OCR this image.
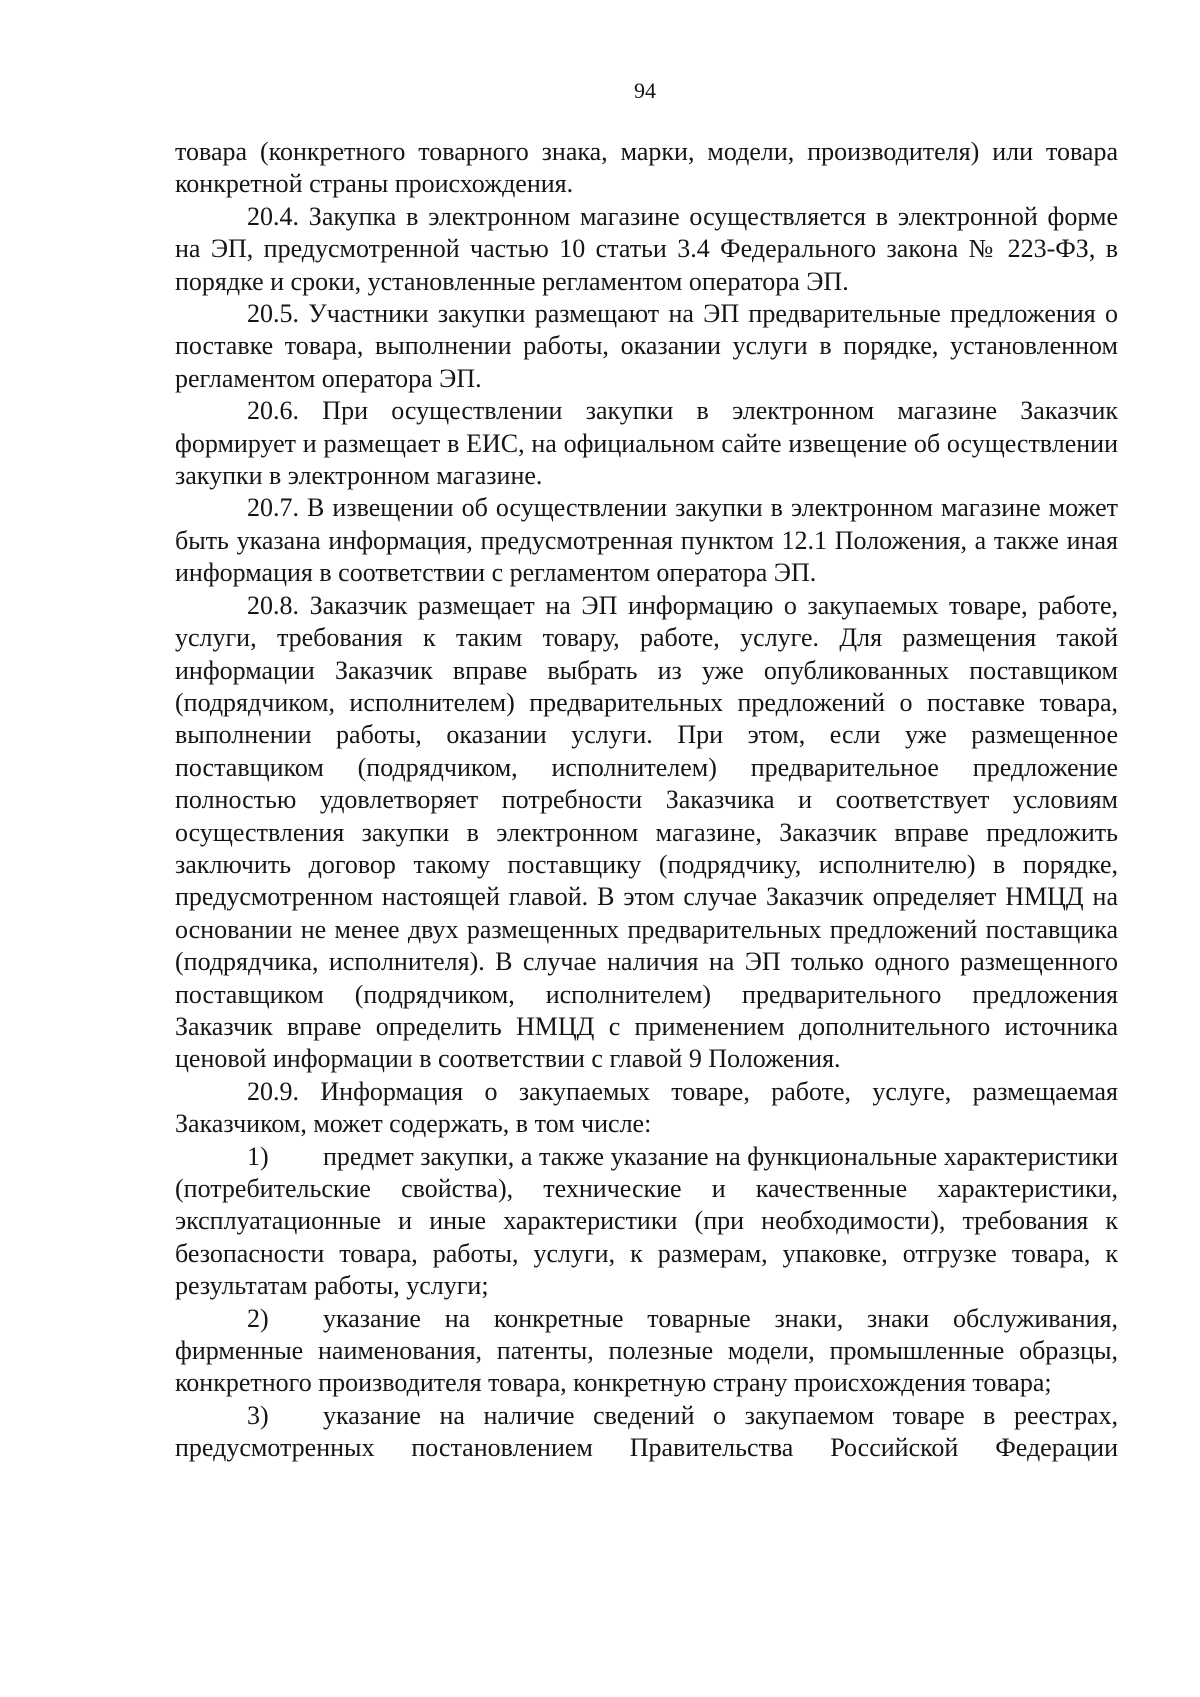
94

товара (конкретного товарного знака, марки, модели, производителя) или товара конкретной страны происхождения.

20.4. Закупка в электронном магазине осуществляется в электронной форме на ЭП, предусмотренной частью 10 статьи 3.4 Федерального закона № 223-ФЗ, в порядке и сроки, установленные регламентом оператора ЭП.

20.5. Участники закупки размещают на ЭП предварительные предложения о поставке товара, выполнении работы, оказании услуги в порядке, установленном регламентом оператора ЭП.

20.6. При осуществлении закупки в электронном магазине Заказчик формирует и размещает в ЕИС, на официальном сайте извещение об осуществлении закупки в электронном магазине.

20.7. В извещении об осуществлении закупки в электронном магазине может быть указана информация, предусмотренная пунктом 12.1 Положения, а также иная информация в соответствии с регламентом оператора ЭП.

20.8. Заказчик размещает на ЭП информацию о закупаемых товаре, работе, услуги, требования к таким товару, работе, услуге. Для размещения такой информации Заказчик вправе выбрать из уже опубликованных поставщиком (подрядчиком, исполнителем) предварительных предложений о поставке товара, выполнении работы, оказании услуги. При этом, если уже размещенное поставщиком (подрядчиком, исполнителем) предварительное предложение полностью удовлетворяет потребности Заказчика и соответствует условиям осуществления закупки в электронном магазине, Заказчик вправе предложить заключить договор такому поставщику (подрядчику, исполнителю) в порядке, предусмотренном настоящей главой. В этом случае Заказчик определяет НМЦД на основании не менее двух размещенных предварительных предложений поставщика (подрядчика, исполнителя). В случае наличия на ЭП только одного размещенного поставщиком (подрядчиком, исполнителем) предварительного предложения Заказчик вправе определить НМЦД с применением дополнительного источника ценовой информации в соответствии с главой 9 Положения.

20.9. Информация о закупаемых товаре, работе, услуге, размещаемая Заказчиком, может содержать, в том числе:

1) предмет закупки, а также указание на функциональные характеристики (потребительские свойства), технические и качественные характеристики, эксплуатационные и иные характеристики (при необходимости), требования к безопасности товара, работы, услуги, к размерам, упаковке, отгрузке товара, к результатам работы, услуги;

2) указание на конкретные товарные знаки, знаки обслуживания, фирменные наименования, патенты, полезные модели, промышленные образцы, конкретного производителя товара, конкретную страну происхождения товара;

3) указание на наличие сведений о закупаемом товаре в реестрах, предусмотренных постановлением Правительства Российской Федерации
